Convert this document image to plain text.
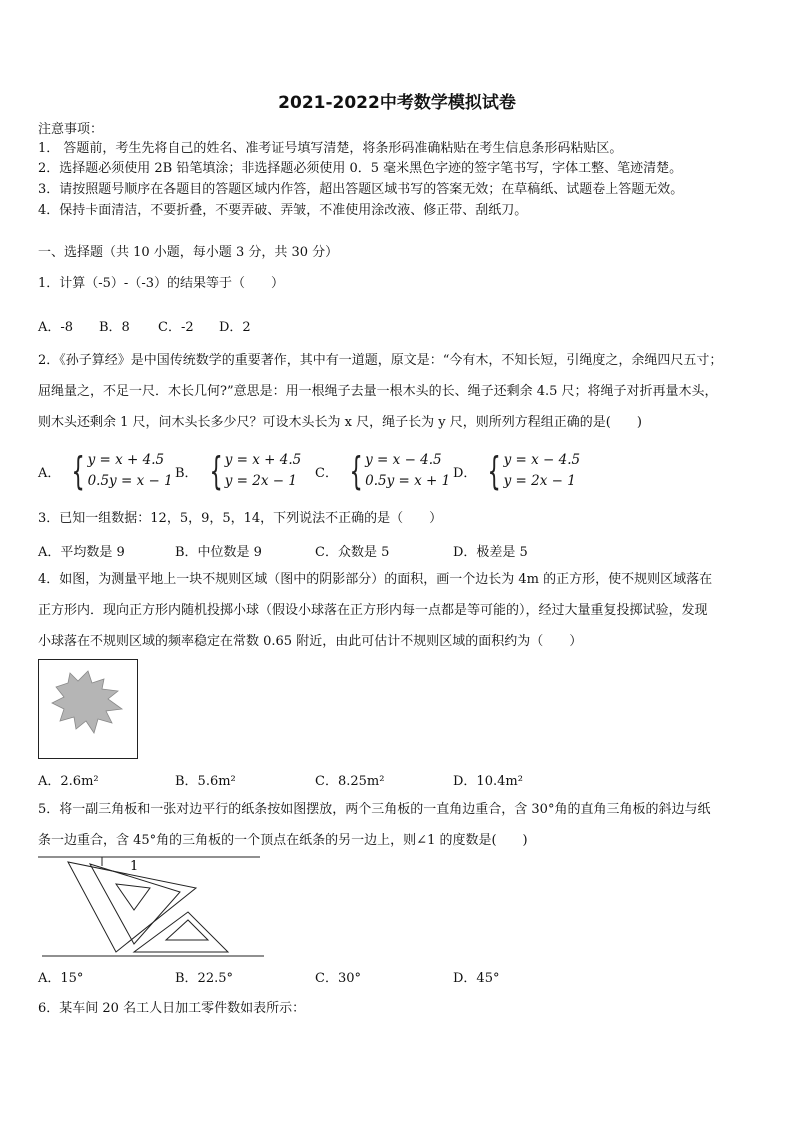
2021-2022中考数学模拟试卷
注意事项：
1． 答题前，考生先将自己的姓名、准考证号填写清楚，将条形码准确粘贴在考生信息条形码粘贴区。
2．选择题必须使用 2B 铅笔填涂；非选择题必须使用 0．5 毫米黑色字迹的签字笔书写，字体工整、笔迹清楚。
3．请按照题号顺序在各题目的答题区域内作答，超出答题区域书写的答案无效；在草稿纸、试题卷上答题无效。
4．保持卡面清洁，不要折叠，不要弄破、弄皱，不准使用涂改液、修正带、刮纸刀。
一、选择题（共 10 小题，每小题 3 分，共 30 分）
1．计算（-5）-（-3）的结果等于（　　）
A．-8 B．8 C．-2 D．2
2．《孙子算经》是中国传统数学的重要著作，其中有一道题，原文是：“今有木，不知长短，引绳度之，余绳四尺五寸；
屈绳量之，不足一尺．木长几何?”意思是：用一根绳子去量一根木头的长、绳子还剩余 4.5 尺；将绳子对折再量木头，
则木头还剩余 1 尺，问木头长多少尺？可设木头长为 x 尺，绳子长为 y 尺，则所列方程组正确的是(　　)
A． { y = x + 4.5
0.5y = x − 1 B． { y = x + 4.5
y = 2x − 1	C． { y = x − 4.5
0.5y = x + 1 D． { y = x − 4.5
y = 2x − 1
3．已知一组数据：12，5，9，5，14，下列说法不正确的是（　　）
A．平均数是 9	B．中位数是 9	C．众数是 5	D．极差是 5
4．如图，为测量平地上一块不规则区域（图中的阴影部分）的面积，画一个边长为 4m 的正方形，使不规则区域落在
正方形内．现向正方形内随机投掷小球（假设小球落在正方形内每一点都是等可能的），经过大量重复投掷试验，发现
小球落在不规则区域的频率稳定在常数 0.65 附近，由此可估计不规则区域的面积约为（　　）
A．2.6m²	B．5.6m²	C．8.25m²	D．10.4m²
5．将一副三角板和一张对边平行的纸条按如图摆放，两个三角板的一直角边重合，含 30°角的直角三角板的斜边与纸
条一边重合，含 45°角的三角板的一个顶点在纸条的另一边上，则∠1 的度数是(　　)
1
A．15°	B．22.5°	C．30°	D．45°
6．某车间 20 名工人日加工零件数如表所示：
